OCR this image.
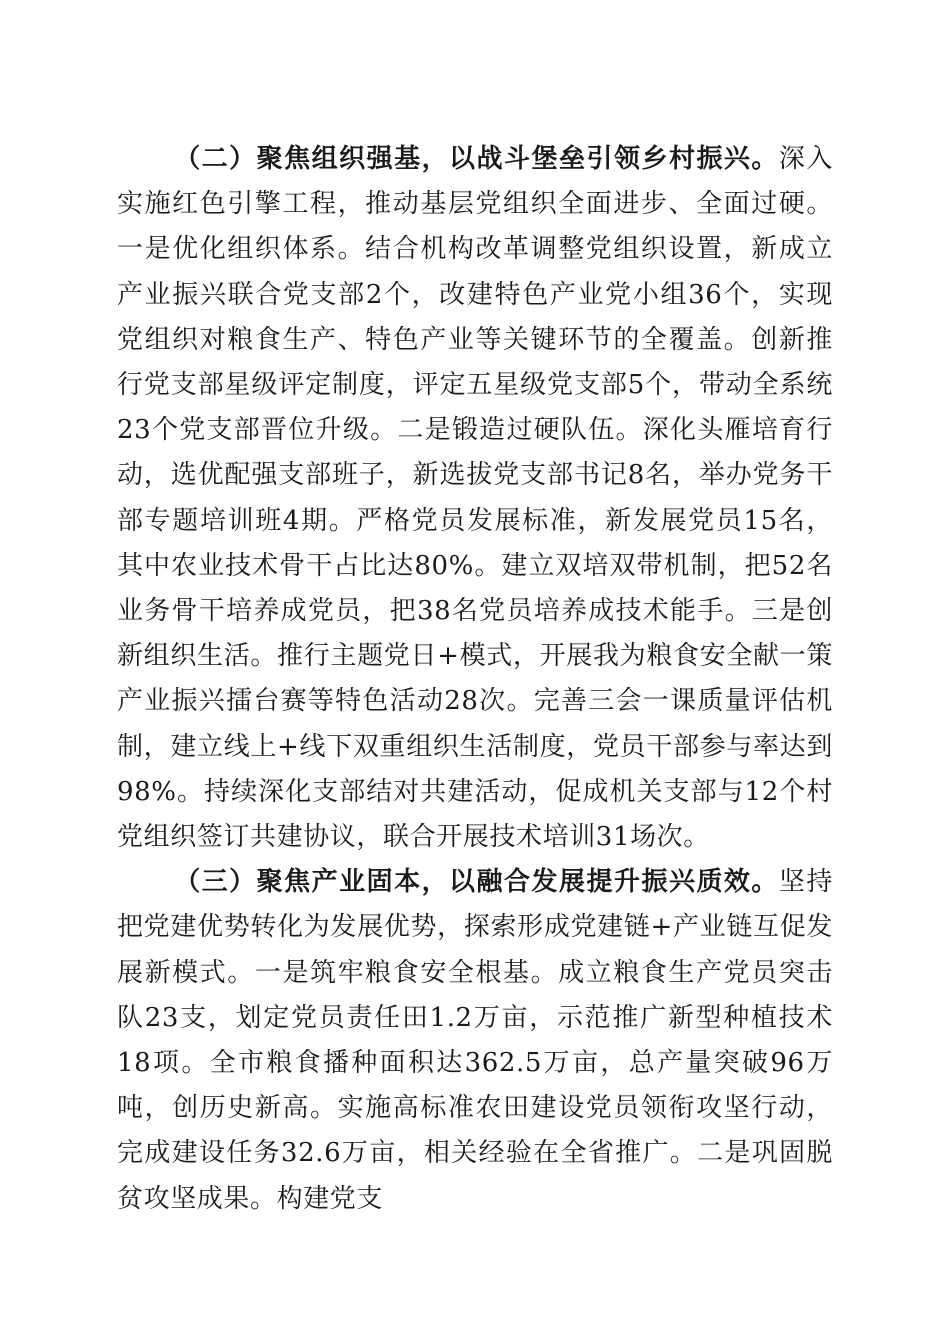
（二）聚焦组织强基，以战斗堡垒引领乡村振兴。深入实施红色引擎工程，推动基层党组织全面进步、全面过硬。一是优化组织体系。结合机构改革调整党组织设置，新成立产业振兴联合党支部2个，改建特色产业党小组36个，实现党组织对粮食生产、特色产业等关键环节的全覆盖。创新推行党支部星级评定制度，评定五星级党支部5个，带动全系统23个党支部晋位升级。二是锻造过硬队伍。深化头雁培育行动，选优配强支部班子，新选拔党支部书记8名，举办党务干部专题培训班4期。严格党员发展标准，新发展党员15名，其中农业技术骨干占比达80%。建立双培双带机制，把52名业务骨干培养成党员，把38名党员培养成技术能手。三是创新组织生活。推行主题党日+模式，开展我为粮食安全献一策产业振兴擂台赛等特色活动28次。完善三会一课质量评估机制，建立线上+线下双重组织生活制度，党员干部参与率达到98%。持续深化支部结对共建活动，促成机关支部与12个村党组织签订共建协议，联合开展技术培训31场次。

（三）聚焦产业固本，以融合发展提升振兴质效。坚持把党建优势转化为发展优势，探索形成党建链+产业链互促发展新模式。一是筑牢粮食安全根基。成立粮食生产党员突击队23支，划定党员责任田1.2万亩，示范推广新型种植技术18项。全市粮食播种面积达362.5万亩，总产量突破96万吨，创历史新高。实施高标准农田建设党员领衔攻坚行动，完成建设任务32.6万亩，相关经验在全省推广。二是巩固脱贫攻坚成果。构建党支
